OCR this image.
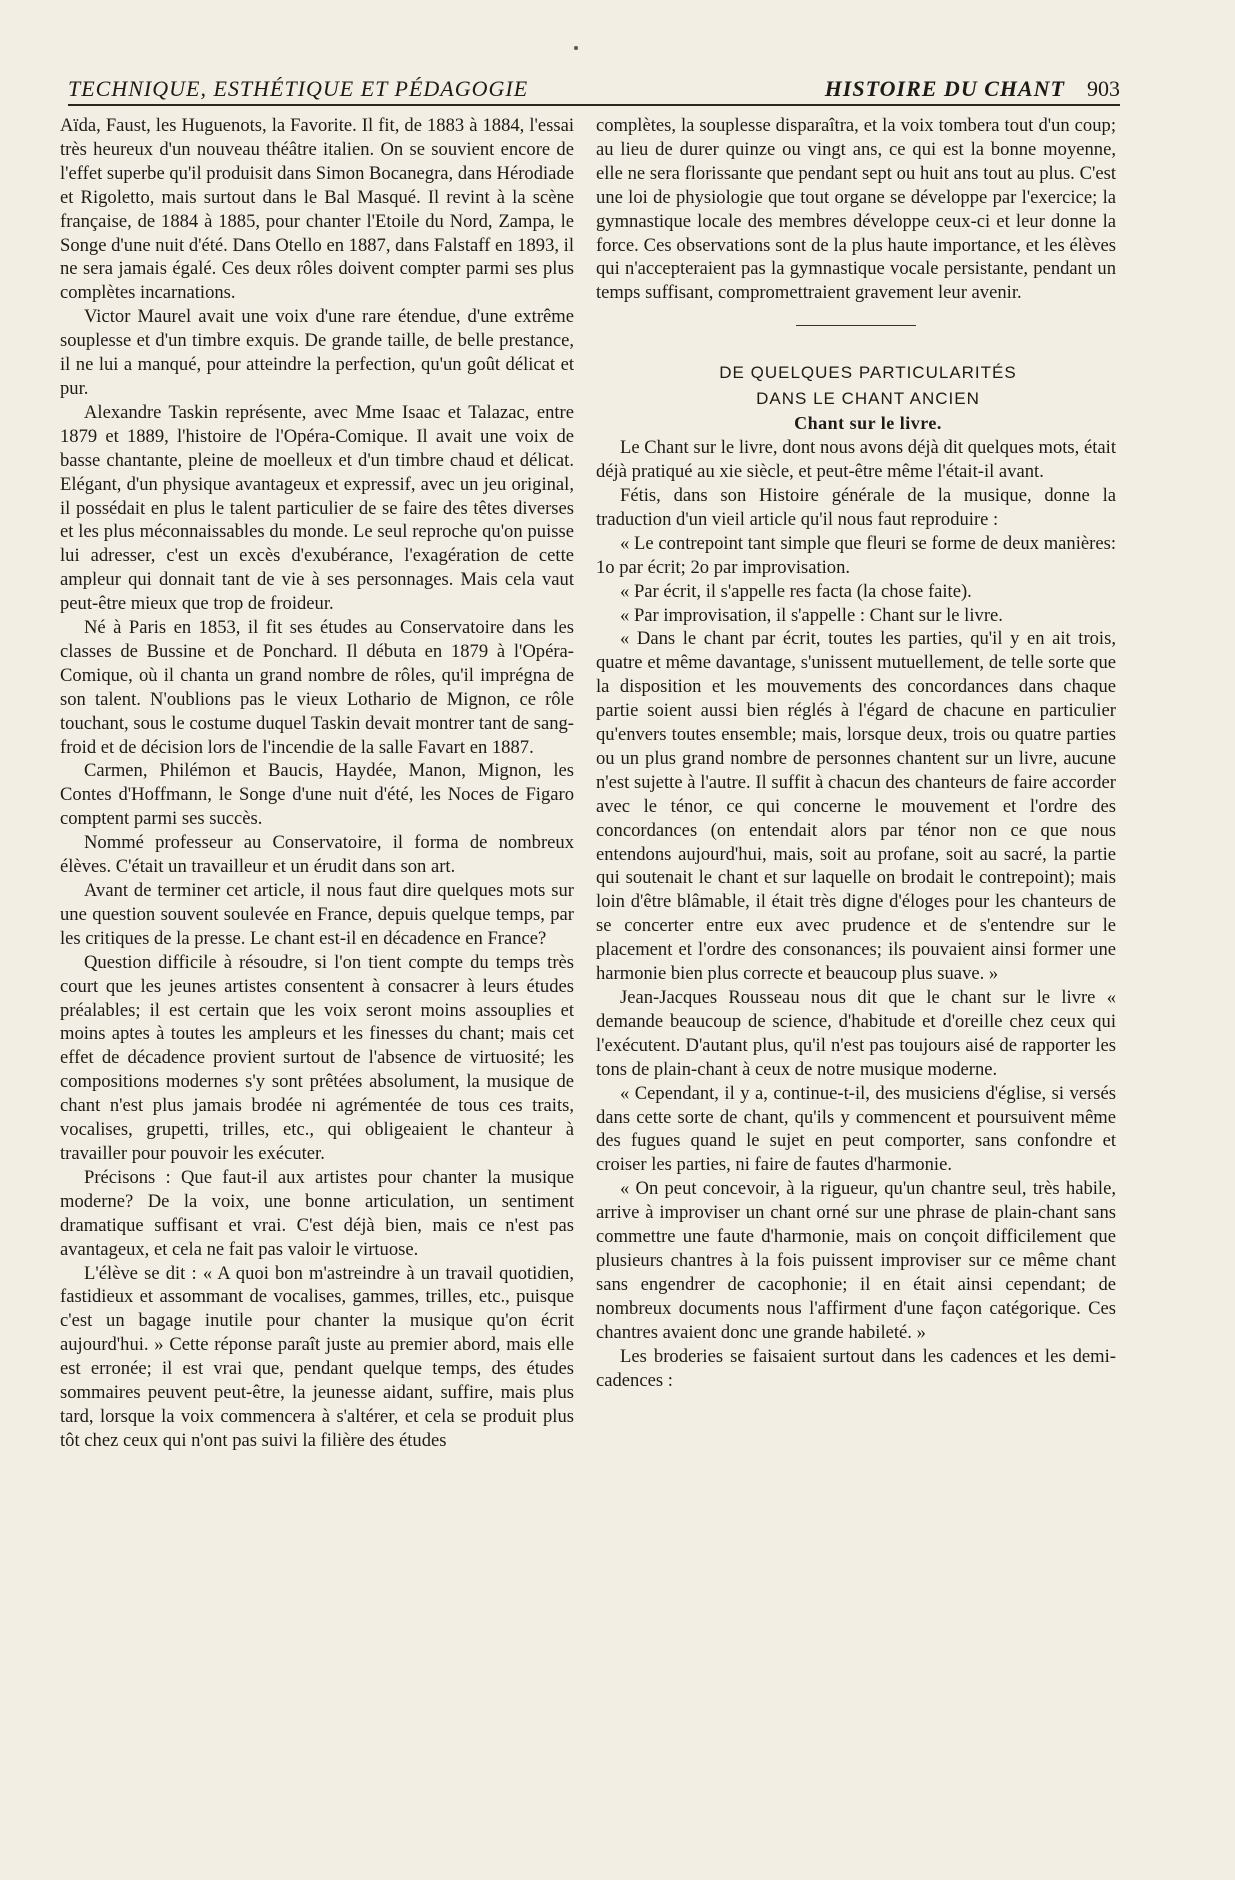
TECHNIQUE, ESTHÉTIQUE ET PÉDAGOGIE	HISTOIRE DU CHANT 903

Aïda, Faust, les Huguenots, la Favorite. Il fit, de 1883 à 1884, l'essai très heureux d'un nouveau théâtre italien. On se souvient encore de l'effet superbe qu'il produisit dans Simon Bocanegra, dans Hérodiade et Rigoletto, mais surtout dans le Bal Masqué. Il revint à la scène française, de 1884 à 1885, pour chanter l'Etoile du Nord, Zampa, le Songe d'une nuit d'été. Dans Otello en 1887, dans Falstaff en 1893, il ne sera jamais égalé. Ces deux rôles doivent compter parmi ses plus complètes incarnations.

Victor Maurel avait une voix d'une rare étendue, d'une extrême souplesse et d'un timbre exquis. De grande taille, de belle prestance, il ne lui a manqué, pour atteindre la perfection, qu'un goût délicat et pur.

Alexandre Taskin représente, avec Mme Isaac et Talazac, entre 1879 et 1889, l'histoire de l'Opéra-Comique. Il avait une voix de basse chantante, pleine de moelleux et d'un timbre chaud et délicat. Elégant, d'un physique avantageux et expressif, avec un jeu original, il possédait en plus le talent particulier de se faire des têtes diverses et les plus méconnaissables du monde. Le seul reproche qu'on puisse lui adresser, c'est un excès d'exubérance, l'exagération de cette ampleur qui donnait tant de vie à ses personnages. Mais cela vaut peut-être mieux que trop de froideur.

Né à Paris en 1853, il fit ses études au Conservatoire dans les classes de Bussine et de Ponchard. Il débuta en 1879 à l'Opéra-Comique, où il chanta un grand nombre de rôles, qu'il imprégna de son talent. N'oublions pas le vieux Lothario de Mignon, ce rôle touchant, sous le costume duquel Taskin devait montrer tant de sang-froid et de décision lors de l'incendie de la salle Favart en 1887.

Carmen, Philémon et Baucis, Haydée, Manon, Mignon, les Contes d'Hoffmann, le Songe d'une nuit d'été, les Noces de Figaro comptent parmi ses succès.

Nommé professeur au Conservatoire, il forma de nombreux élèves. C'était un travailleur et un érudit dans son art.

Avant de terminer cet article, il nous faut dire quelques mots sur une question souvent soulevée en France, depuis quelque temps, par les critiques de la presse. Le chant est-il en décadence en France?

Question difficile à résoudre, si l'on tient compte du temps très court que les jeunes artistes consentent à consacrer à leurs études préalables; il est certain que les voix seront moins assouplies et moins aptes à toutes les ampleurs et les finesses du chant; mais cet effet de décadence provient surtout de l'absence de virtuosité; les compositions modernes s'y sont prêtées absolument, la musique de chant n'est plus jamais brodée ni agrémentée de tous ces traits, vocalises, grupetti, trilles, etc., qui obligeaient le chanteur à travailler pour pouvoir les exécuter.

Précisons : Que faut-il aux artistes pour chanter la musique moderne? De la voix, une bonne articulation, un sentiment dramatique suffisant et vrai. C'est déjà bien, mais ce n'est pas avantageux, et cela ne fait pas valoir le virtuose.

L'élève se dit : « A quoi bon m'astreindre à un travail quotidien, fastidieux et assommant de vocalises, gammes, trilles, etc., puisque c'est un bagage inutile pour chanter la musique qu'on écrit aujourd'hui. » Cette réponse paraît juste au premier abord, mais elle est erronée; il est vrai que, pendant quelque temps, des études sommaires peuvent peut-être, la jeunesse aidant, suffire, mais plus tard, lorsque la voix commencera à s'altérer, et cela se produit plus tôt chez ceux qui n'ont pas suivi la filière des études

complètes, la souplesse disparaîtra, et la voix tombera tout d'un coup; au lieu de durer quinze ou vingt ans, ce qui est la bonne moyenne, elle ne sera florissante que pendant sept ou huit ans tout au plus. C'est une loi de physiologie que tout organe se développe par l'exercice; la gymnastique locale des membres développe ceux-ci et leur donne la force. Ces observations sont de la plus haute importance, et les élèves qui n'accepteraient pas la gymnastique vocale persistante, pendant un temps suffisant, compromettraient gravement leur avenir.

DE QUELQUES PARTICULARITÉS

DANS LE CHANT ANCIEN

Chant sur le livre.

Le Chant sur le livre, dont nous avons déjà dit quelques mots, était déjà pratiqué au xie siècle, et peut-être même l'était-il avant.

Fétis, dans son Histoire générale de la musique, donne la traduction d'un vieil article qu'il nous faut reproduire :

« Le contrepoint tant simple que fleuri se forme de deux manières: 1o par écrit; 2o par improvisation.

« Par écrit, il s'appelle res facta (la chose faite).

« Par improvisation, il s'appelle : Chant sur le livre.

« Dans le chant par écrit, toutes les parties, qu'il y en ait trois, quatre et même davantage, s'unissent mutuellement, de telle sorte que la disposition et les mouvements des concordances dans chaque partie soient aussi bien réglés à l'égard de chacune en particulier qu'envers toutes ensemble; mais, lorsque deux, trois ou quatre parties ou un plus grand nombre de personnes chantent sur un livre, aucune n'est sujette à l'autre. Il suffit à chacun des chanteurs de faire accorder avec le ténor, ce qui concerne le mouvement et l'ordre des concordances (on entendait alors par ténor non ce que nous entendons aujourd'hui, mais, soit au profane, soit au sacré, la partie qui soutenait le chant et sur laquelle on brodait le contrepoint); mais loin d'être blâmable, il était très digne d'éloges pour les chanteurs de se concerter entre eux avec prudence et de s'entendre sur le placement et l'ordre des consonances; ils pouvaient ainsi former une harmonie bien plus correcte et beaucoup plus suave. »

Jean-Jacques Rousseau nous dit que le chant sur le livre « demande beaucoup de science, d'habitude et d'oreille chez ceux qui l'exécutent. D'autant plus, qu'il n'est pas toujours aisé de rapporter les tons de plain-chant à ceux de notre musique moderne.

« Cependant, il y a, continue-t-il, des musiciens d'église, si versés dans cette sorte de chant, qu'ils y commencent et poursuivent même des fugues quand le sujet en peut comporter, sans confondre et croiser les parties, ni faire de fautes d'harmonie.

« On peut concevoir, à la rigueur, qu'un chantre seul, très habile, arrive à improviser un chant orné sur une phrase de plain-chant sans commettre une faute d'harmonie, mais on conçoit difficilement que plusieurs chantres à la fois puissent improviser sur ce même chant sans engendrer de cacophonie; il en était ainsi cependant; de nombreux documents nous l'affirment d'une façon catégorique. Ces chantres avaient donc une grande habileté. »

Les broderies se faisaient surtout dans les cadences et les demi-cadences :
